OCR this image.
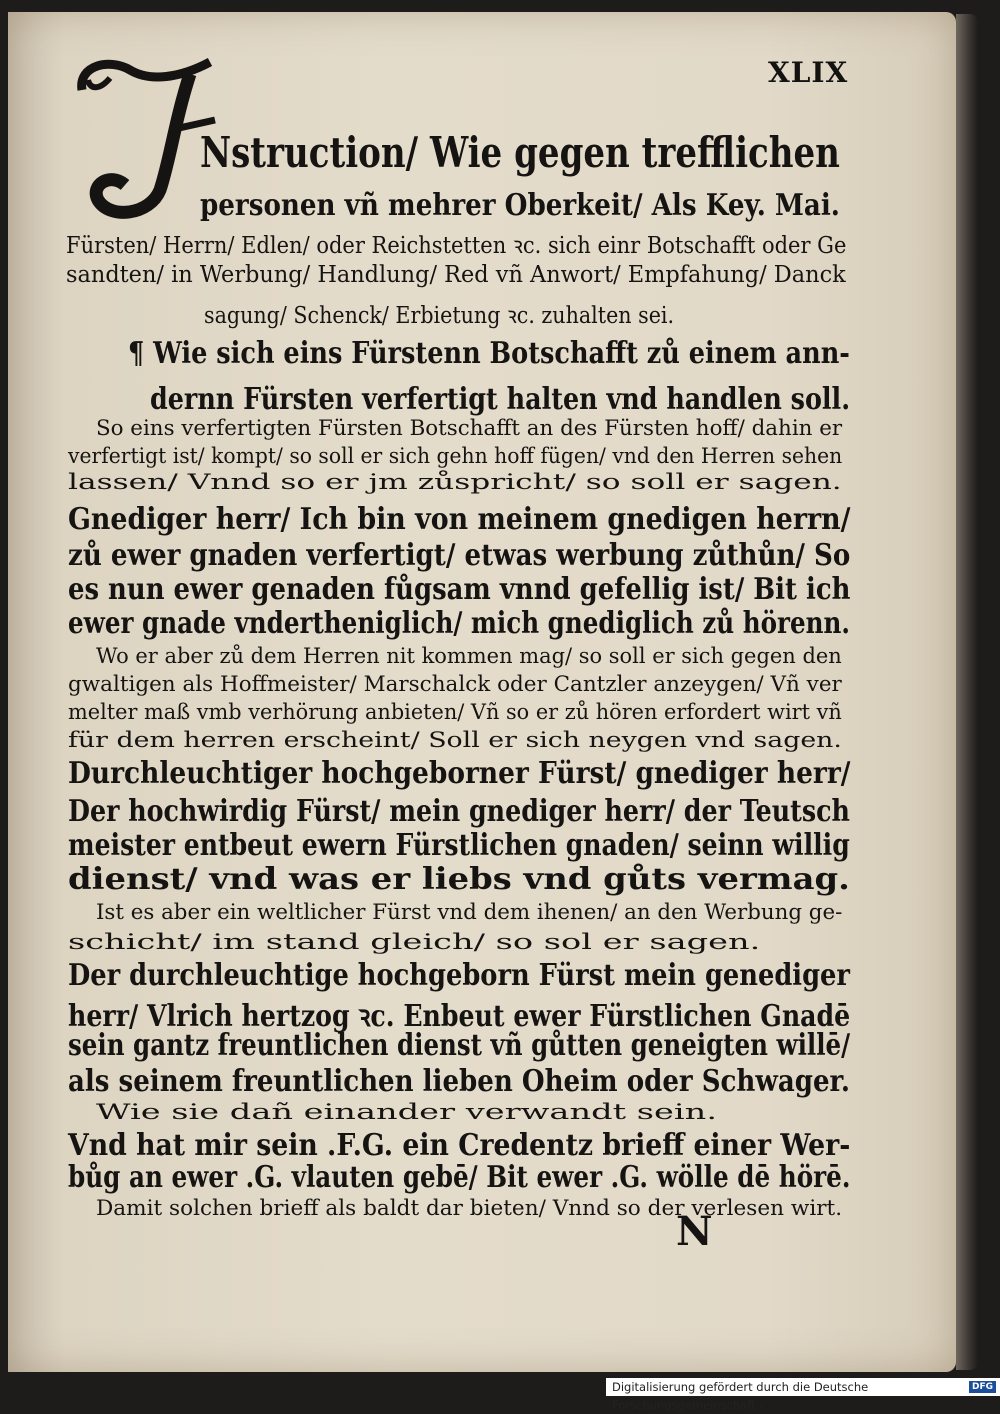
XLIX
Nstruction/ Wie gegen trefflichen
personen vñ mehrer Oberkeit/ Als Key. Mai.
Fürsten/ Herrn/ Edlen/ oder Reichstetten ꝛc. sich einr Botschafft oder Ge
sandten/ in Werbung/ Handlung/ Red vñ Anwort/ Empfahung/ Danck
sagung/ Schenck/ Erbietung ꝛc. zuhalten sei.
¶ Wie sich eins Fürstenn Botschafft zů einem ann-
dernn Fürsten verfertigt halten vnd handlen soll.
So eins verfertigten Fürsten Botschafft an des Fürsten hoff/ dahin er
verfertigt ist/ kompt/ so soll er sich gehn hoff fügen/ vnd den Herren sehen
lassen/ Vnnd so er jm zůspricht/ so soll er sagen.
Gnediger herr/ Ich bin von meinem gnedigen herrn/
zů ewer gnaden verfertigt/ etwas werbung zůthůn/ So
es nun ewer genaden fůgsam vnnd gefellig ist/ Bit ich
ewer gnade vndertheniglich/ mich gnediglich zů hörenn.
Wo er aber zů dem Herren nit kommen mag/ so soll er sich gegen den
gwaltigen als Hoffmeister/ Marschalck oder Cantzler anzeygen/ Vñ ver
melter maß vmb verhörung anbieten/ Vñ so er zů hören erfordert wirt vñ
für dem herren erscheint/ Soll er sich neygen vnd sagen.
Durchleuchtiger hochgeborner Fürst/ gnediger herr/
Der hochwirdig Fürst/ mein gnediger herr/ der Teutsch
meister entbeut ewern Fürstlichen gnaden/ seinn willig
dienst/ vnd was er liebs vnd gůts vermag.
Ist es aber ein weltlicher Fürst vnd dem ihenen/ an den Werbung ge-
schicht/ im stand gleich/ so sol er sagen.
Der durchleuchtige hochgeborn Fürst mein genediger
herr/ Vlrich hertzog ꝛc. Enbeut ewer Fürstlichen Gnadē
sein gantz freuntlichen dienst vñ gůtten geneigten willē/
als seinem freuntlichen lieben Oheim oder Schwager.
Wie sie dañ einander verwandt sein.
Vnd hat mir sein .F.G. ein Credentz brieff einer Wer-
bůg an ewer .G. vlauten gebē/ Bit ewer .G. wölle dē hörē.
Damit solchen brieff als baldt dar bieten/ Vnnd so der verlesen wirt.
N
Digitalisierung gefördert durch die Deutsche Forschungsgemeinschaft -
DFG
